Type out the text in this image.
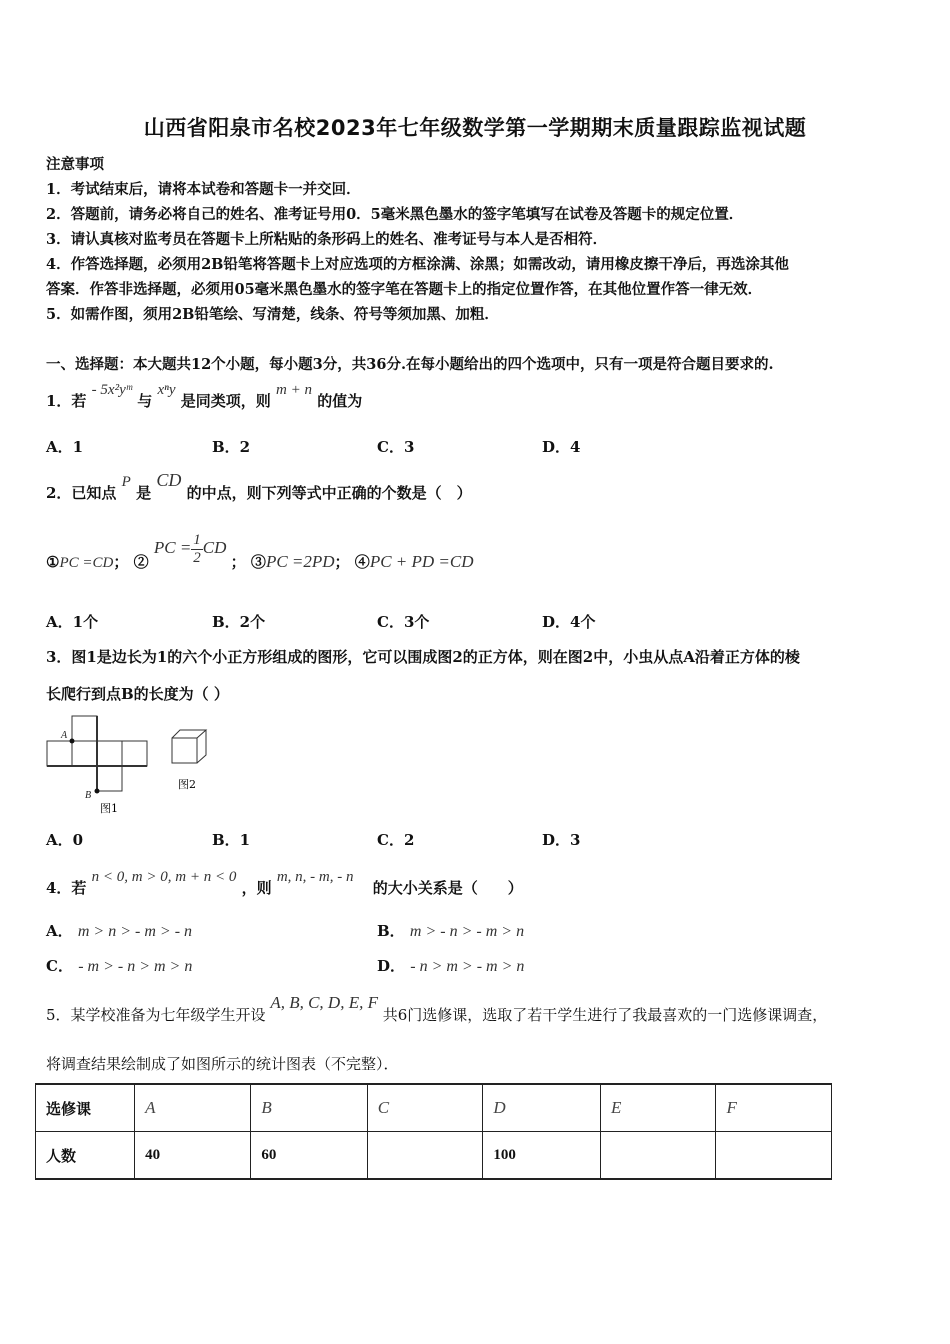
山西省阳泉市名校2023年七年级数学第一学期期末质量跟踪监视试题
注意事项
1．考试结束后，请将本试卷和答题卡一并交回．
2．答题前，请务必将自己的姓名、准考证号用0．5毫米黑色墨水的签字笔填写在试卷及答题卡的规定位置．
3．请认真核对监考员在答题卡上所粘贴的条形码上的姓名、准考证号与本人是否相符．
4．作答选择题，必须用2B铅笔将答题卡上对应选项的方框涂满、涂黑；如需改动，请用橡皮擦干净后，再选涂其他
答案．作答非选择题，必须用05毫米黑色墨水的签字笔在答题卡上的指定位置作答，在其他位置作答一律无效．
5．如需作图，须用2B铅笔绘、写清楚，线条、符号等须加黑、加粗．
一、选择题：本大题共12个小题，每小题3分，共36分.在每小题给出的四个选项中，只有一项是符合题目要求的.
1．若 - 5x²yᵐ 与 xⁿy 是同类项，则 m + n 的值为
A．1	B．2	C．3	D．4
2．已知点 P 是 CD 的中点，则下列等式中正确的个数是（　）
①PC =CD； ② PC = $\frac{1}{2}$ CD ； ③PC =2PD； ④PC + PD =CD
A．1个	B．2个	C．3个	D．4个
3．图1是边长为1的六个小正方形组成的图形，它可以围成图2的正方体，则在图2中，小虫从点A沿着正方体的棱
长爬行到点B的长度为（ ）
A
B
图1
图2
A．0	B．1	C．2	D．3
4．若 n < 0, m > 0, m + n < 0 ，则 m, n, - m, - n 的大小关系是（　　）
A． m > n > - m > - n	B． m > - n > - m > n
C． - m > - n > m > n	D． - n > m > - m > n
5．某学校准备为七年级学生开设 A, B, C, D, E, F 共6门选修课，选取了若干学生进行了我最喜欢的一门选修课调查，
将调查结果绘制成了如图所示的统计图表（不完整）．
选修课	A	B	C	D	E	F
人数	40	60		100		
